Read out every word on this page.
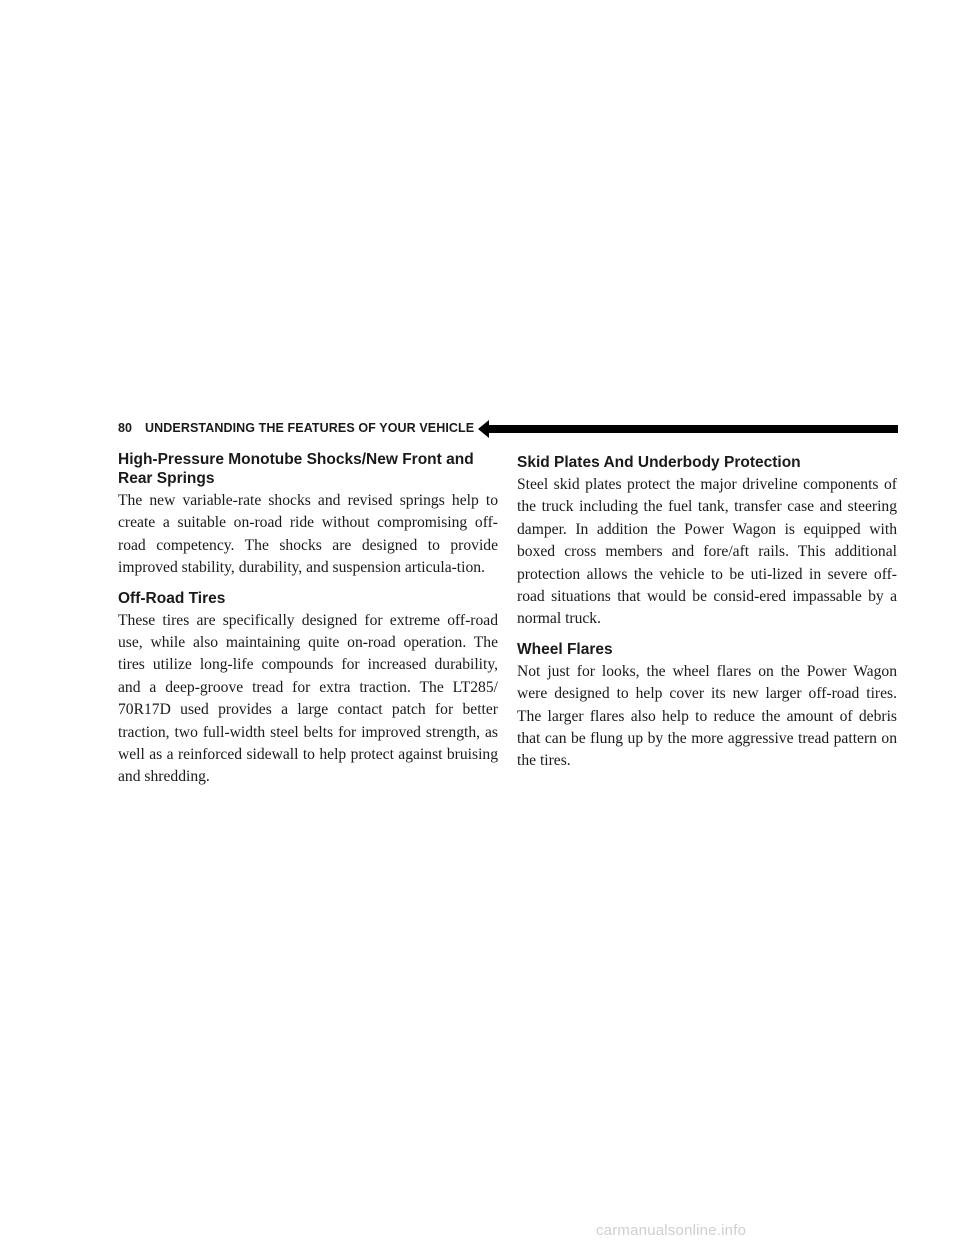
80 UNDERSTANDING THE FEATURES OF YOUR VEHICLE
High-Pressure Monotube Shocks/New Front and Rear Springs

The new variable-rate shocks and revised springs help to create a suitable on-road ride without compromising off-road competency. The shocks are designed to provide improved stability, durability, and suspension articula-tion.

Off-Road Tires

These tires are specifically designed for extreme off-road use, while also maintaining quite on-road operation. The tires utilize long-life compounds for increased durability, and a deep-groove tread for extra traction. The LT285/ 70R17D used provides a large contact patch for better traction, two full-width steel belts for improved strength, as well as a reinforced sidewall to help protect against bruising and shredding.

Skid Plates And Underbody Protection

Steel skid plates protect the major driveline components of the truck including the fuel tank, transfer case and steering damper. In addition the Power Wagon is equipped with boxed cross members and fore/aft rails. This additional protection allows the vehicle to be uti-lized in severe off-road situations that would be consid-ered impassable by a normal truck.

Wheel Flares

Not just for looks, the wheel flares on the Power Wagon were designed to help cover its new larger off-road tires. The larger flares also help to reduce the amount of debris that can be flung up by the more aggressive tread pattern on the tires.

carmanualsonline.info
